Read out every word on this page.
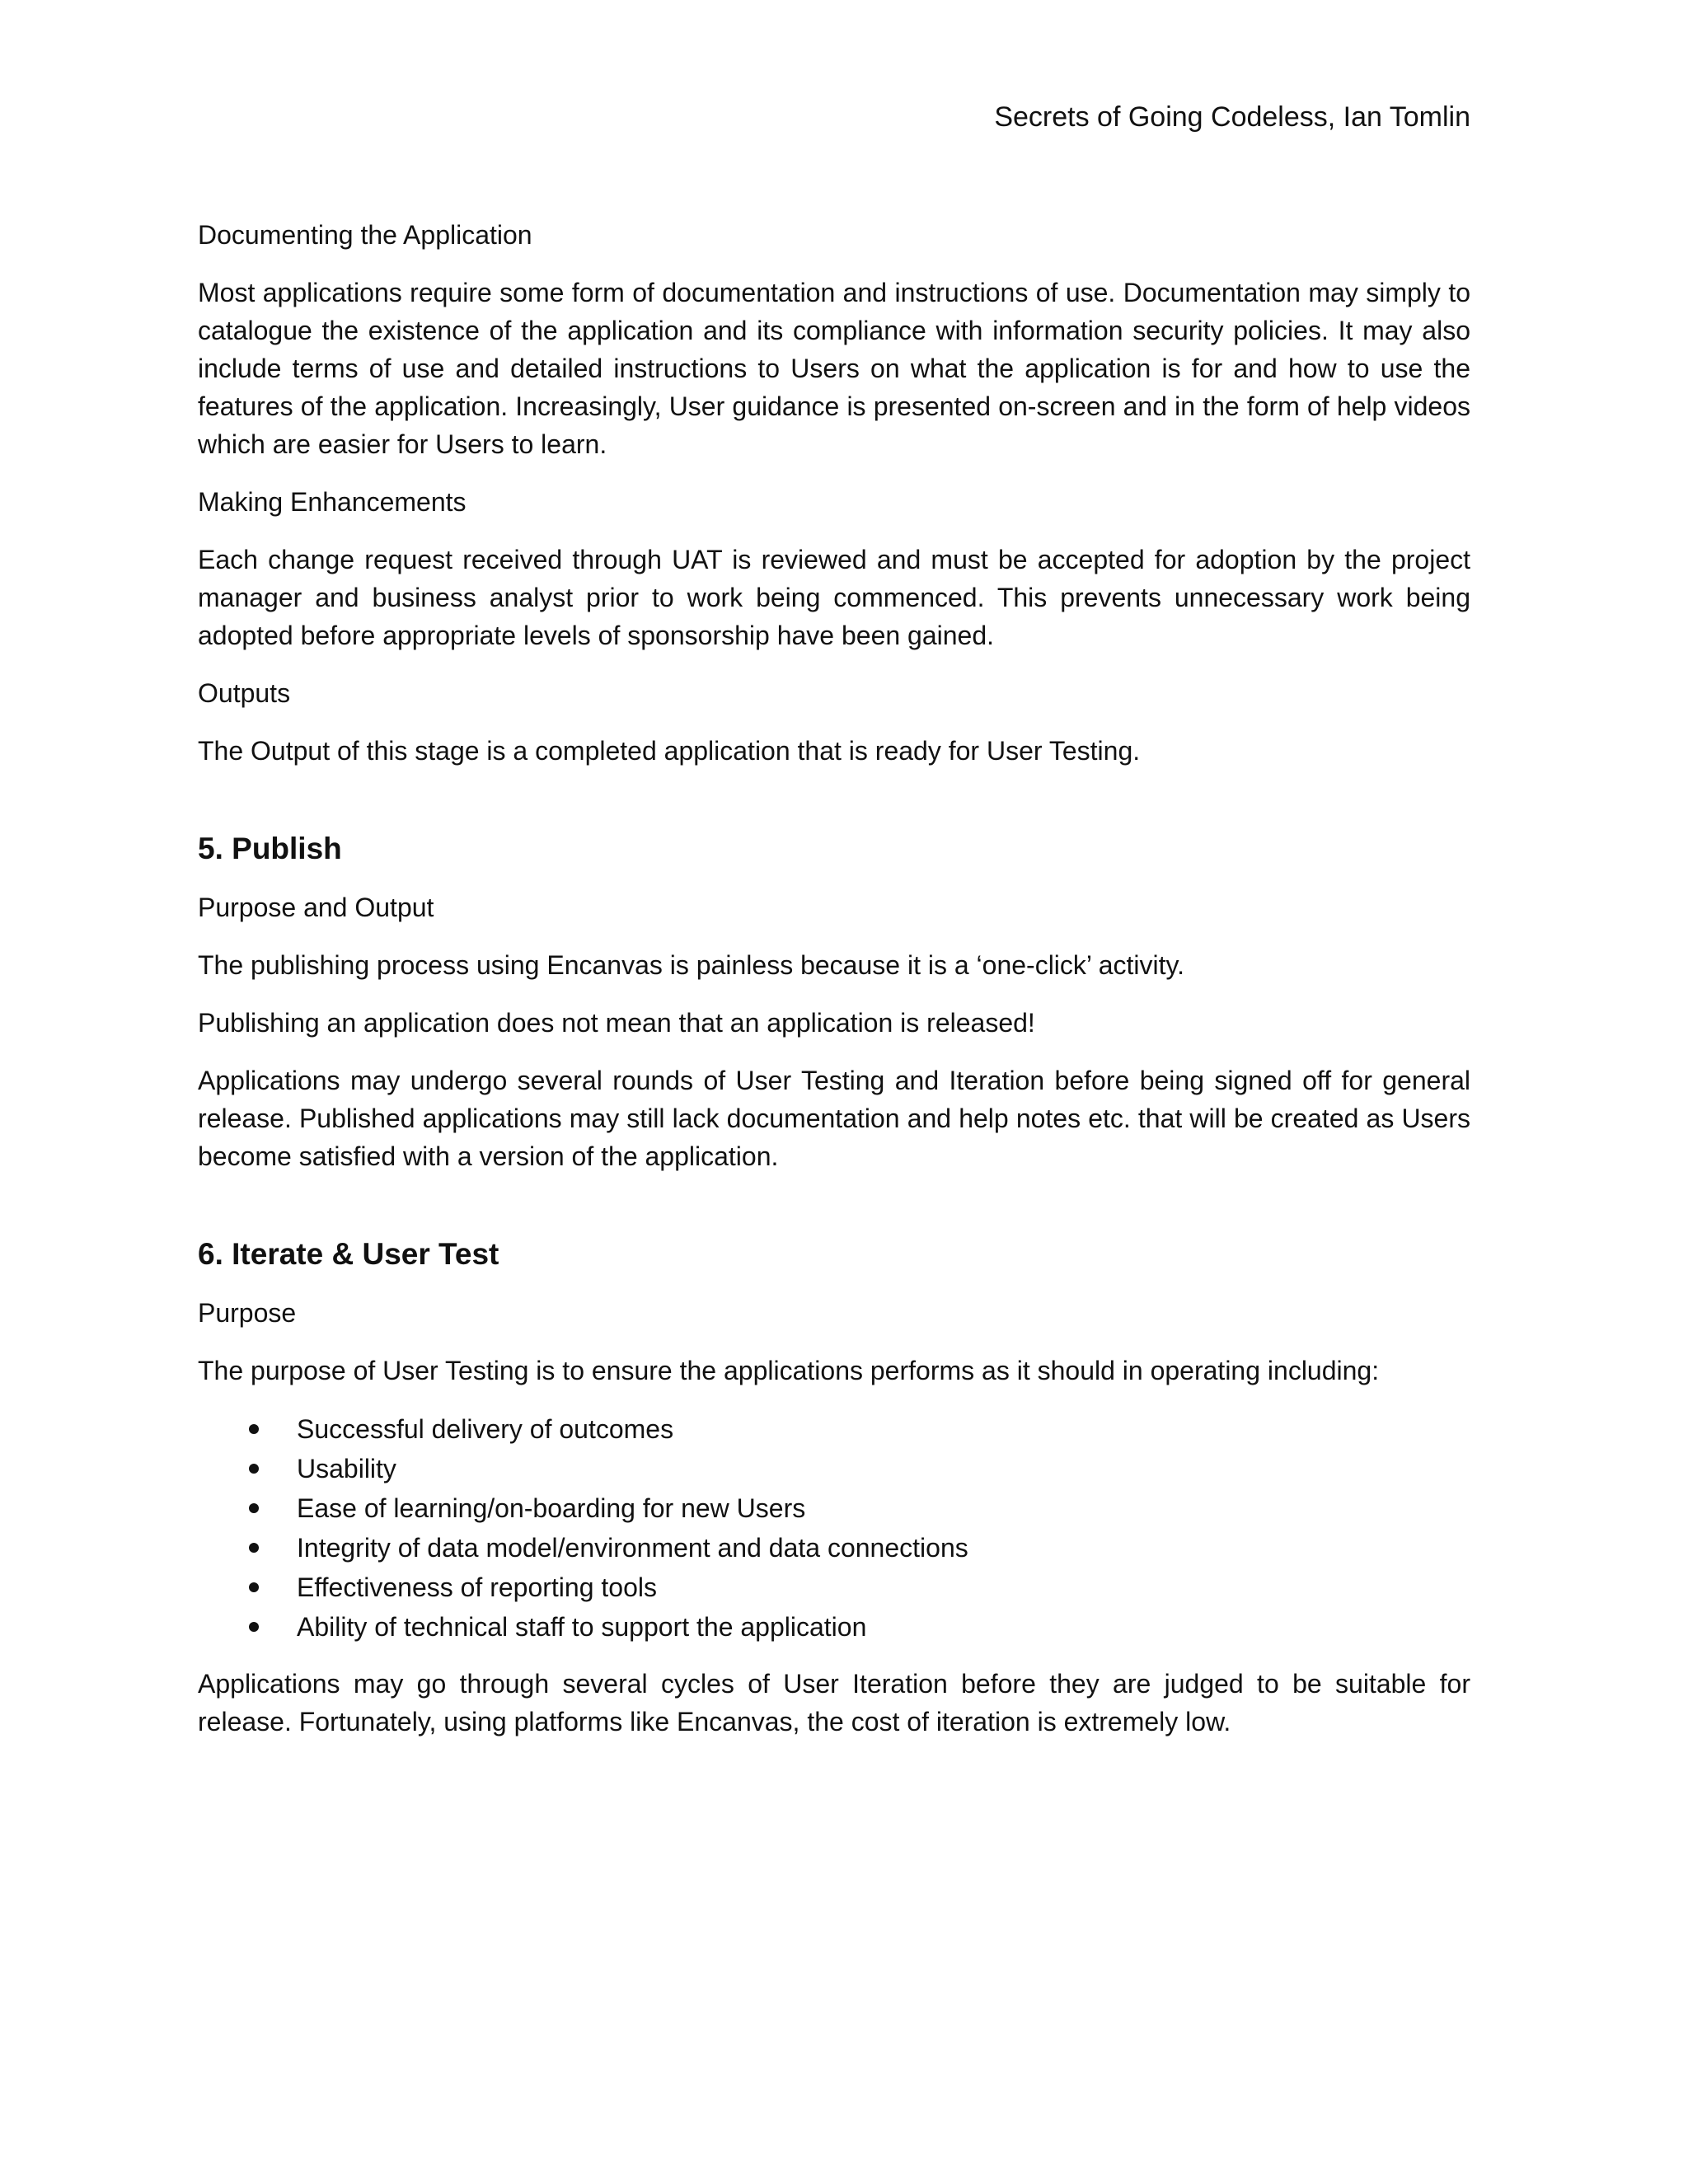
Secrets of Going Codeless, Ian Tomlin
Documenting the Application

Most applications require some form of documentation and instructions of use. Documentation may simply to catalogue the existence of the application and its compliance with information security policies. It may also include terms of use and detailed instructions to Users on what the application is for and how to use the features of the application. Increasingly, User guidance is presented on-screen and in the form of help videos which are easier for Users to learn.

Making Enhancements

Each change request received through UAT is reviewed and must be accepted for adoption by the project manager and business analyst prior to work being commenced. This prevents unnecessary work being adopted before appropriate levels of sponsorship have been gained.

Outputs

The Output of this stage is a completed application that is ready for User Testing.

5. Publish
Purpose and Output

The publishing process using Encanvas is painless because it is a ‘one-click’ activity.

Publishing an application does not mean that an application is released!

Applications may undergo several rounds of User Testing and Iteration before being signed off for general release. Published applications may still lack documentation and help notes etc. that will be created as Users become satisfied with a version of the application.

6. Iterate & User Test
Purpose

The purpose of User Testing is to ensure the applications performs as it should in operating including:

Successful delivery of outcomes
Usability
Ease of learning/on-boarding for new Users
Integrity of data model/environment and data connections
Effectiveness of reporting tools
Ability of technical staff to support the application

Applications may go through several cycles of User Iteration before they are judged to be suitable for release. Fortunately, using platforms like Encanvas, the cost of iteration is extremely low.
